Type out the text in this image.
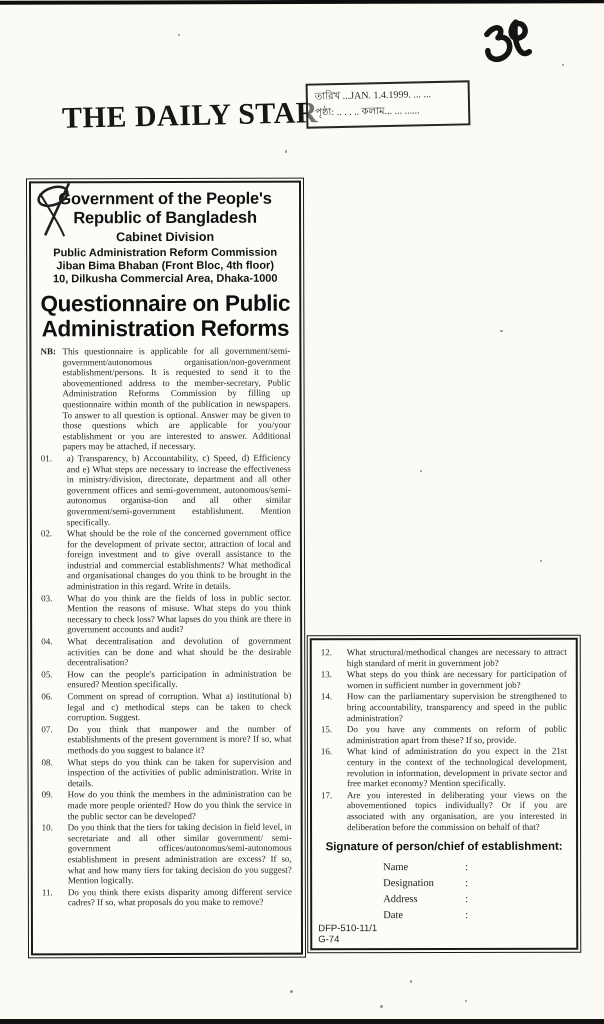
THE DAILY STAR
তারিখ ...JAN. 1.4.1999. ... ...
পৃষ্ঠা: .. . . .. কলাম... ... ......
Government of the People's
Republic of Bangladesh
Cabinet Division
Public Administration Reform Commission
Jiban Bima Bhaban (Front Bloc, 4th floor)
10, Dilkusha Commercial Area, Dhaka-1000
Questionnaire on Public
Administration Reforms
NB: This questionnaire is applicable for all government/semi-government/autonomous organisation/non-government establishment/persons. It is requested to send it to the abovementioned address to the member-secretary, Public Administration Reforms Commission by filling up questionnaire within month of the publication in newspapers. To answer to all question is optional. Answer may be given to those questions which are applicable for you/your establishment or you are interested to answer. Additional papers may be attached, if necessary.
01.	a) Transparency, b) Accountability, c) Speed, d) Efficiency and e) What steps are necessary to increase the effectiveness in ministry/division, directorate, department and all other government offices and semi-government, autonomous/semi-autonomus organisa-tion and all other similar government/semi-government establishment. Mention specifically.
02.	What should be the role of the concerned government office for the development of private sector, attraction of local and foreign investment and to give overall assistance to the industrial and commercial establishments? What methodical and organisational changes do you think to be brought in the administration in this regard. Write in details.
03.	What do you think are the fields of loss in public sector. Mention the reasons of misuse. What steps do you think necessary to check loss? What lapses do you think are there in government accounts and audit?
04.	What decentralisation and devolution of government activities can be done and what should be the desirable decentralisation?
05.	How can the people's participation in administration be ensured? Mention specifically.
06.	Comment on spread of corruption. What a) institutional b) legal and c) methodical steps can be taken to check corruption. Suggest.
07.	Do you think that manpower and the number of establishments of the present government is more? If so, what methods do you suggest to balance it?
08.	What steps do you think can be taken for supervision and inspection of the activities of public administration. Write in details.
09.	How do you think the members in the administration can be made more people oriented? How do you think the service in the public sector can be developed?
10.	Do you think that the tiers for taking decision in field level, in secretariate and all other similar government/ semi-government offices/autonomus/semi-autonomous establishment in present administration are excess? If so, what and how many tiers for taking decision do you suggest? Mention logically.
11.	Do you think there exists disparity among different service cadres? If so, what proposals do you make to remove?
12.	What structural/methodical changes are necessary to attract high standard of merit in government job?
13.	What steps do you think are necessary for participation of women in sufficient number in government job?
14.	How can the parliamentary supervision be strengthened to bring accountability, transparency and speed in the public administration?
15.	Do you have any comments on reform of public administration apart from these? If so, provide.
16.	What kind of administration do you expect in the 21st century in the context of the technological development, revolution in information, development in private sector and free market economy? Mention specifically.
17.	Are you interested in deliberating your views on the abovementioned topics individually? Or if you are associated with any organisation, are you interested in deliberation before the commission on behalf of that?
Signature of person/chief of establishment:
Name	:
Designation	:
Address	:
Date	:
DFP-510-11/1
G-74
